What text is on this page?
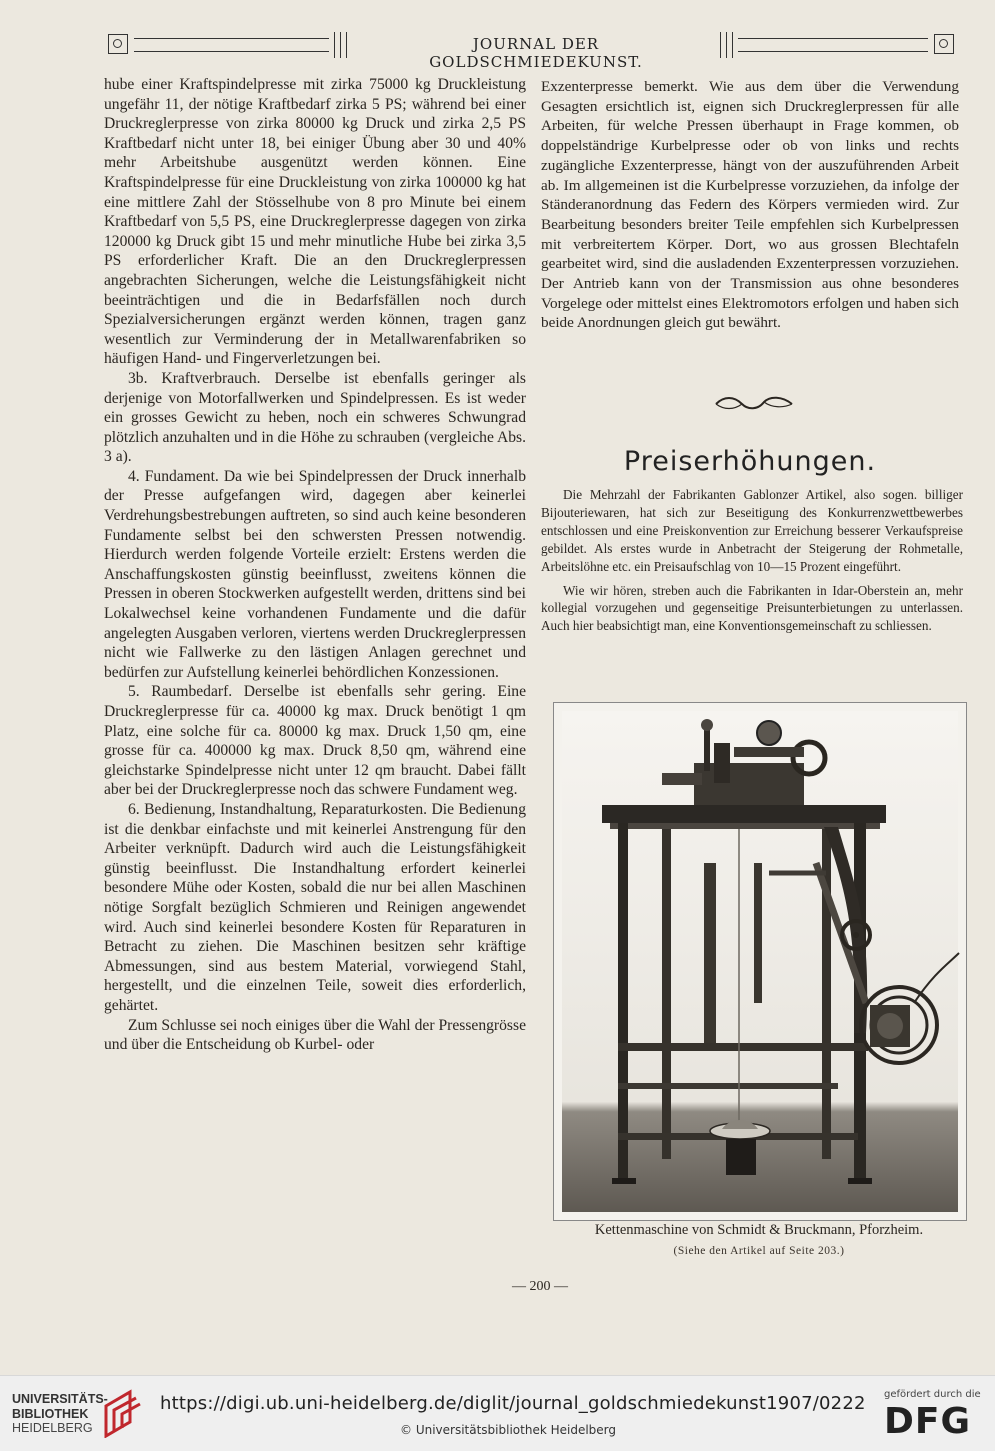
JOURNAL DER GOLDSCHMIEDEKUNST.

hube einer Kraftspindelpresse mit zirka 75000 kg Druckleistung ungefähr 11, der nötige Kraftbedarf zirka 5 PS; während bei einer Druckreglerpresse von zirka 80000 kg Druck und zirka 2,5 PS Kraftbedarf nicht unter 18, bei einiger Übung aber 30 und 40% mehr Arbeitshube ausgenützt werden können. Eine Kraftspindelpresse für eine Druckleistung von zirka 100000 kg hat eine mittlere Zahl der Stösselhube von 8 pro Minute bei einem Kraftbedarf von 5,5 PS, eine Druckreglerpresse dagegen von zirka 120000 kg Druck gibt 15 und mehr minutliche Hube bei zirka 3,5 PS erforderlicher Kraft. Die an den Druckreglerpressen angebrachten Sicherungen, welche die Leistungsfähigkeit nicht beeinträchtigen und die in Bedarfsfällen noch durch Spezialversicherungen ergänzt werden können, tragen ganz wesentlich zur Verminderung der in Metallwarenfabriken so häufigen Hand- und Fingerverletzungen bei.

3b. Kraftverbrauch. Derselbe ist ebenfalls geringer als derjenige von Motorfallwerken und Spindelpressen. Es ist weder ein grosses Gewicht zu heben, noch ein schweres Schwungrad plötzlich anzuhalten und in die Höhe zu schrauben (vergleiche Abs. 3 a).

4. Fundament. Da wie bei Spindelpressen der Druck innerhalb der Presse aufgefangen wird, dagegen aber keinerlei Verdrehungsbestrebungen auftreten, so sind auch keine besonderen Fundamente selbst bei den schwersten Pressen notwendig. Hierdurch werden folgende Vorteile erzielt: Erstens werden die Anschaffungskosten günstig beeinflusst, zweitens können die Pressen in oberen Stockwerken aufgestellt werden, drittens sind bei Lokalwechsel keine vorhandenen Fundamente und die dafür angelegten Ausgaben verloren, viertens werden Druckreglerpressen nicht wie Fallwerke zu den lästigen Anlagen gerechnet und bedürfen zur Aufstellung keinerlei behördlichen Konzessionen.

5. Raumbedarf. Derselbe ist ebenfalls sehr gering. Eine Druckreglerpresse für ca. 40000 kg max. Druck benötigt 1 qm Platz, eine solche für ca. 80000 kg max. Druck 1,50 qm, eine grosse für ca. 400000 kg max. Druck 8,50 qm, während eine gleichstarke Spindelpresse nicht unter 12 qm braucht. Dabei fällt aber bei der Druckreglerpresse noch das schwere Fundament weg.

6. Bedienung, Instandhaltung, Reparaturkosten. Die Bedienung ist die denkbar einfachste und mit keinerlei Anstrengung für den Arbeiter verknüpft. Dadurch wird auch die Leistungsfähigkeit günstig beeinflusst. Die Instandhaltung erfordert keinerlei besondere Mühe oder Kosten, sobald die nur bei allen Maschinen nötige Sorgfalt bezüglich Schmieren und Reinigen angewendet wird. Auch sind keinerlei besondere Kosten für Reparaturen in Betracht zu ziehen. Die Maschinen besitzen sehr kräftige Abmessungen, sind aus bestem Material, vorwiegend Stahl, hergestellt, und die einzelnen Teile, soweit dies erforderlich, gehärtet.

Zum Schlusse sei noch einiges über die Wahl der Pressengrösse und über die Entscheidung ob Kurbel- oder

Exzenterpresse bemerkt. Wie aus dem über die Verwendung Gesagten ersichtlich ist, eignen sich Druckreglerpressen für alle Arbeiten, für welche Pressen überhaupt in Frage kommen, ob doppelständrige Kurbelpresse oder ob von links und rechts zugängliche Exzenterpresse, hängt von der auszuführenden Arbeit ab. Im allgemeinen ist die Kurbelpresse vorzuziehen, da infolge der Ständeranordnung das Federn des Körpers vermieden wird. Zur Bearbeitung besonders breiter Teile empfehlen sich Kurbelpressen mit verbreitertem Körper. Dort, wo aus grossen Blechtafeln gearbeitet wird, sind die ausladenden Exzenterpressen vorzuziehen. Der Antrieb kann von der Transmission aus ohne besonderes Vorgelege oder mittelst eines Elektromotors erfolgen und haben sich beide Anordnungen gleich gut bewährt.

Preiserhöhungen.

Die Mehrzahl der Fabrikanten Gablonzer Artikel, also sogen. billiger Bijouteriewaren, hat sich zur Beseitigung des Konkurrenzwettbewerbes entschlossen und eine Preiskonvention zur Erreichung besserer Verkaufspreise gebildet. Als erstes wurde in Anbetracht der Steigerung der Rohmetalle, Arbeitslöhne etc. ein Preisaufschlag von 10—15 Prozent eingeführt.

Wie wir hören, streben auch die Fabrikanten in Idar-Oberstein an, mehr kollegial vorzugehen und gegenseitige Preisunterbietungen zu unterlassen. Auch hier beabsichtigt man, eine Konventionsgemeinschaft zu schliessen.

Kettenmaschine von Schmidt & Bruckmann, Pforzheim.
(Siehe den Artikel auf Seite 203.)
— 200 —
UNIVERSITÄTS-
BIBLIOTHEK
HEIDELBERG
https://digi.ub.uni-heidelberg.de/diglit/journal_goldschmiedekunst1907/0222
© Universitätsbibliothek Heidelberg
gefördert durch die
DFG
